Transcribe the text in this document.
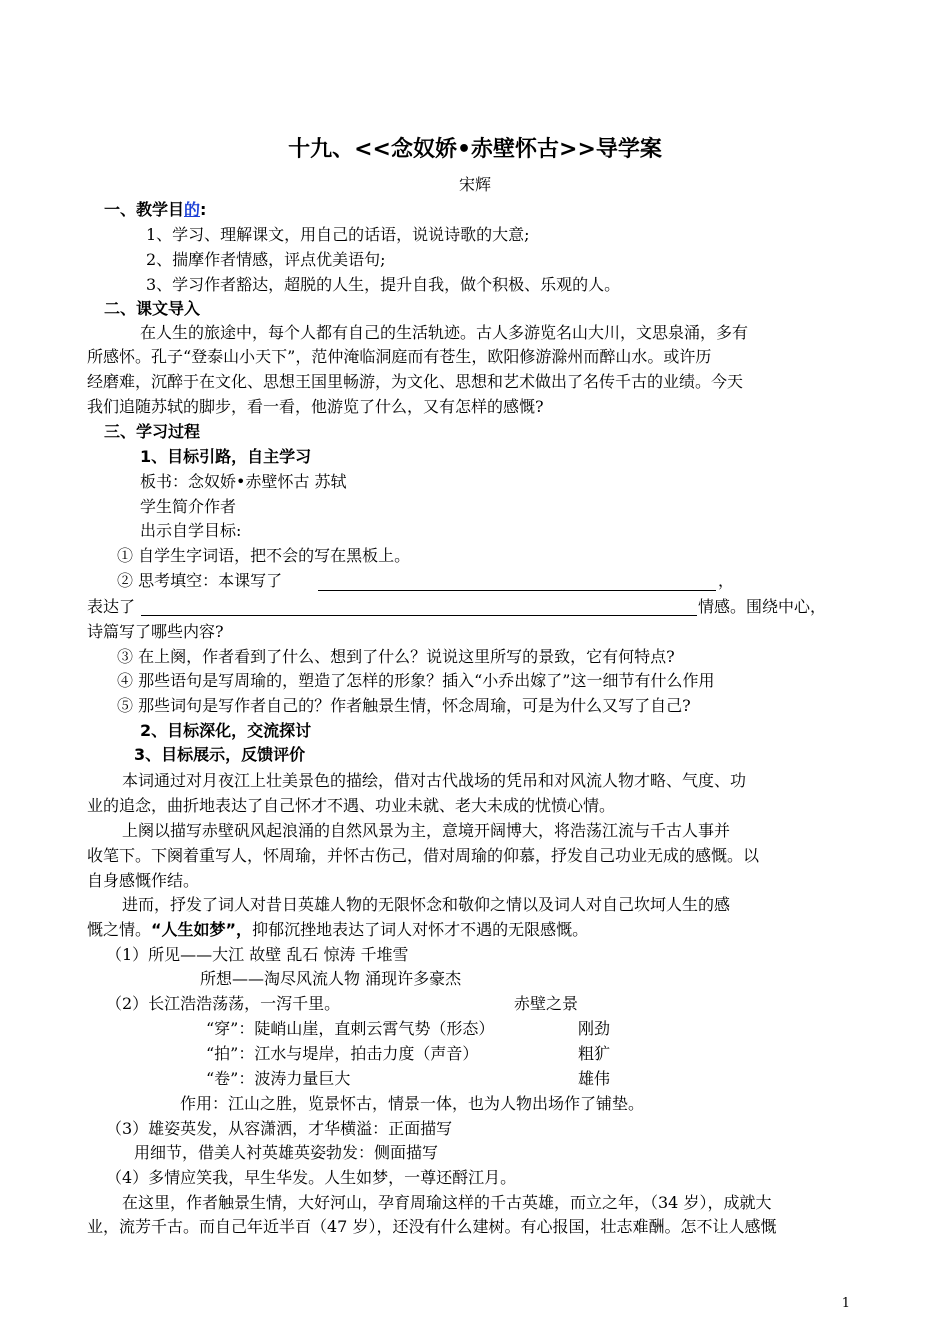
十九、<<念奴娇•赤壁怀古>>导学案
宋辉
一、教学目的:
1、学习、理解课文，用自己的话语，说说诗歌的大意;
2、揣摩作者情感，评点优美语句;
3、学习作者豁达，超脱的人生，提升自我，做个积极、乐观的人。
二、课文导入
在人生的旅途中，每个人都有自己的生活轨迹。古人多游览名山大川，文思泉涌，多有
所感怀。孔子“登泰山小天下”，范仲淹临洞庭而有苍生，欧阳修游滁州而醉山水。或许历
经磨难，沉醉于在文化、思想王国里畅游，为文化、思想和艺术做出了名传千古的业绩。今天
我们追随苏轼的脚步，看一看，他游览了什么，又有怎样的感慨?
三、学习过程
1、目标引路，自主学习
板书：念奴娇•赤壁怀古 苏轼
学生简介作者
出示自学目标:
① 自学生字词语，把不会的写在黑板上。
② 思考填空：本课写了	，
表达了	情感。围绕中心，
诗篇写了哪些内容?
③ 在上阕，作者看到了什么、想到了什么？说说这里所写的景致，它有何特点?
④ 那些语句是写周瑜的，塑造了怎样的形象？插入“小乔出嫁了”这一细节有什么作用
⑤ 那些词句是写作者自己的？作者触景生情，怀念周瑜，可是为什么又写了自己?
2、目标深化，交流探讨
3、目标展示，反馈评价
本词通过对月夜江上壮美景色的描绘，借对古代战场的凭吊和对风流人物才略、气度、功
业的追念，曲折地表达了自己怀才不遇、功业未就、老大未成的忧愤心情。
上阕以描写赤壁矾风起浪涌的自然风景为主，意境开阔博大，将浩荡江流与千古人事并
收笔下。下阕着重写人，怀周瑜，并怀古伤己，借对周瑜的仰慕，抒发自己功业无成的感慨。以
自身感慨作结。
进而，抒发了词人对昔日英雄人物的无限怀念和敬仰之情以及词人对自己坎坷人生的感
慨之情。“人生如梦”，抑郁沉挫地表达了词人对怀才不遇的无限感慨。
（1）所见——大江 故壁 乱石 惊涛 千堆雪
所想——淘尽风流人物 涌现许多豪杰
（2）长江浩浩荡荡，一泻千里。	赤壁之景
“穿”：陡峭山崖，直刺云霄气势（形态）	刚劲
“拍”：江水与堤岸，拍击力度（声音）	粗犷
“卷”：波涛力量巨大	雄伟
作用：江山之胜，览景怀古，情景一体，也为人物出场作了铺垫。
（3）雄姿英发，从容潇洒，才华横溢：正面描写
用细节，借美人衬英雄英姿勃发：侧面描写
（4）多情应笑我，早生华发。人生如梦，一尊还酹江月。
在这里，作者触景生情，大好河山，孕育周瑜这样的千古英雄，而立之年，（34 岁），成就大
业，流芳千古。而自己年近半百（47 岁），还没有什么建树。有心报国，壮志难酬。怎不让人感慨
1
